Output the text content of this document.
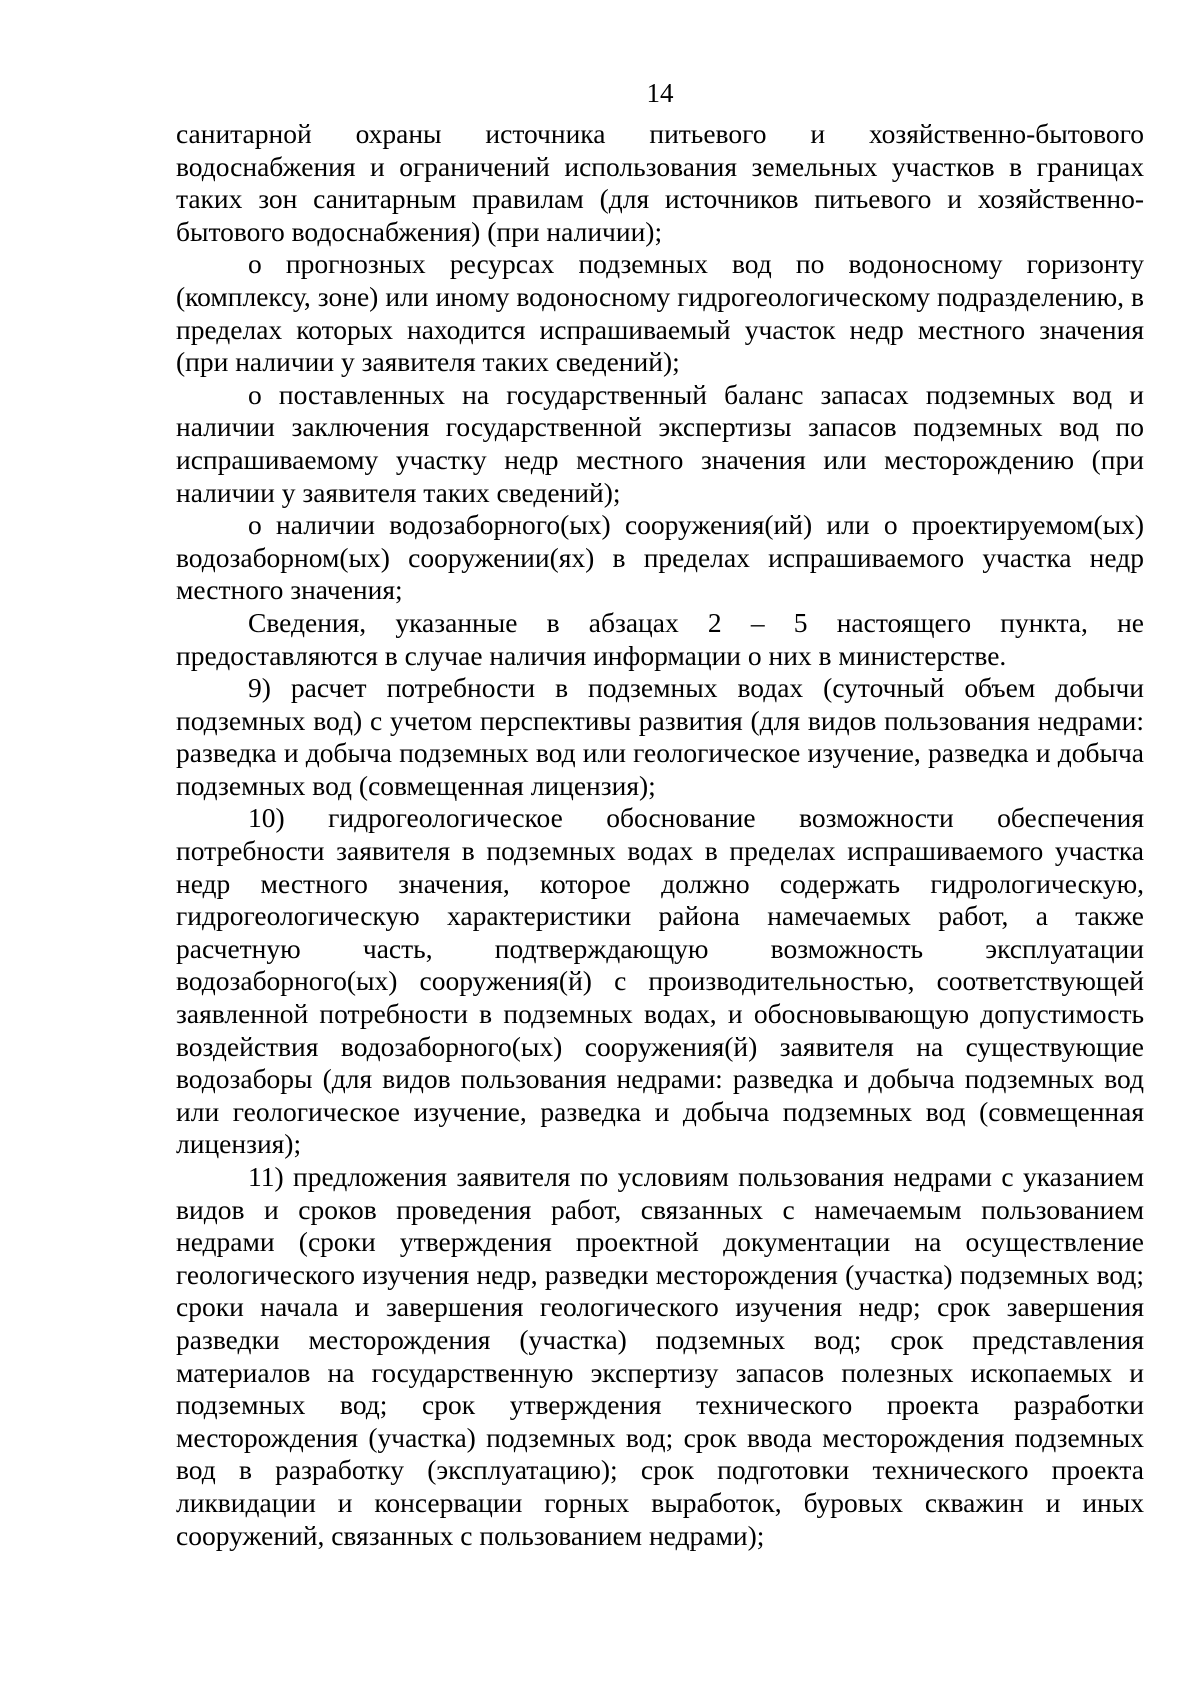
14

санитарной охраны источника питьевого и хозяйственно-бытового водоснабжения и ограничений использования земельных участков в границах таких зон санитарным правилам (для источников питьевого и хозяйственно-бытового водоснабжения) (при наличии);

о прогнозных ресурсах подземных вод по водоносному горизонту (комплексу, зоне) или иному водоносному гидрогеологическому подразделению, в пределах которых находится испрашиваемый участок недр местного значения (при наличии у заявителя таких сведений);

о поставленных на государственный баланс запасах подземных вод и наличии заключения государственной экспертизы запасов подземных вод по испрашиваемому участку недр местного значения или месторождению (при наличии у заявителя таких сведений);

о наличии водозаборного(ых) сооружения(ий) или о проектируемом(ых) водозаборном(ых) сооружении(ях) в пределах испрашиваемого участка недр местного значения;

Сведения, указанные в абзацах 2 – 5 настоящего пункта, не предоставляются в случае наличия информации о них в министерстве.

9) расчет потребности в подземных водах (суточный объем добычи подземных вод) с учетом перспективы развития (для видов пользования недрами: разведка и добыча подземных вод или геологическое изучение, разведка и добыча подземных вод (совмещенная лицензия);

10) гидрогеологическое обоснование возможности обеспечения потребности заявителя в подземных водах в пределах испрашиваемого участка недр местного значения, которое должно содержать гидрологическую, гидрогеологическую характеристики района намечаемых работ, а также расчетную часть, подтверждающую возможность эксплуатации водозаборного(ых) сооружения(й) с производительностью, соответствующей заявленной потребности в подземных водах, и обосновывающую допустимость воздействия водозаборного(ых) сооружения(й) заявителя на существующие водозаборы (для видов пользования недрами: разведка и добыча подземных вод или геологическое изучение, разведка и добыча подземных вод (совмещенная лицензия);

11) предложения заявителя по условиям пользования недрами с указанием видов и сроков проведения работ, связанных с намечаемым пользованием недрами (сроки утверждения проектной документации на осуществление геологического изучения недр, разведки месторождения (участка) подземных вод; сроки начала и завершения геологического изучения недр; срок завершения разведки месторождения (участка) подземных вод; срок представления материалов на государственную экспертизу запасов полезных ископаемых и подземных вод; срок утверждения технического проекта разработки месторождения (участка) подземных вод; срок ввода месторождения подземных вод в разработку (эксплуатацию); срок подготовки технического проекта ликвидации и консервации горных выработок, буровых скважин и иных сооружений, связанных с пользованием недрами);
